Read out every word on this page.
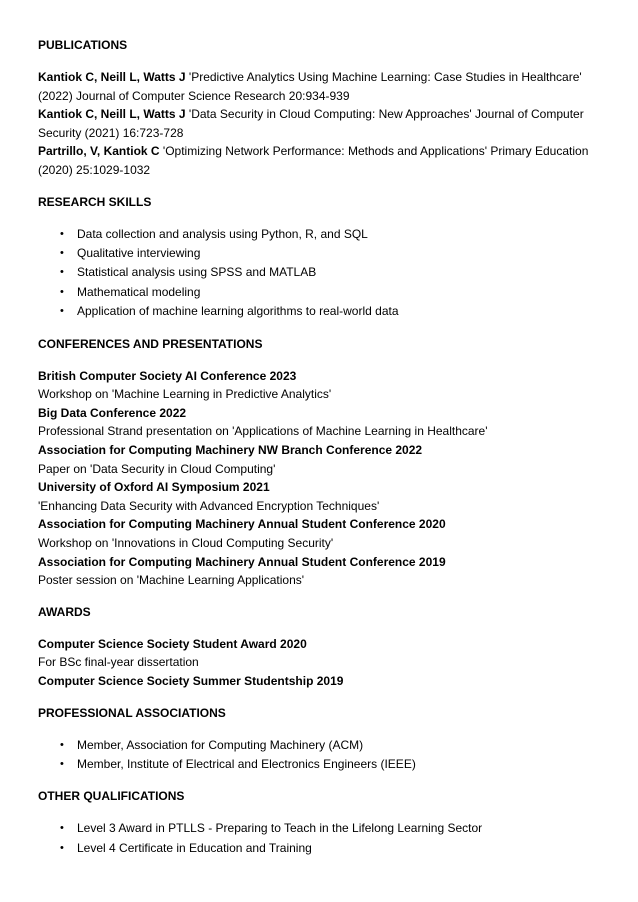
PUBLICATIONS

Kantiok C, Neill L, Watts J 'Predictive Analytics Using Machine Learning: Case Studies in Healthcare' (2022) Journal of Computer Science Research 20:934-939

Kantiok C, Neill L, Watts J 'Data Security in Cloud Computing: New Approaches' Journal of Computer Security (2021) 16:723-728

Partrillo, V, Kantiok C 'Optimizing Network Performance: Methods and Applications' Primary Education (2020) 25:1029-1032

RESEARCH SKILLS
• Data collection and analysis using Python, R, and SQL
• Qualitative interviewing
• Statistical analysis using SPSS and MATLAB
• Mathematical modeling
• Application of machine learning algorithms to real-world data
CONFERENCES AND PRESENTATIONS
British Computer Society AI Conference 2023
Workshop on 'Machine Learning in Predictive Analytics'
Big Data Conference 2022
Professional Strand presentation on 'Applications of Machine Learning in Healthcare'
Association for Computing Machinery NW Branch Conference 2022
Paper on 'Data Security in Cloud Computing'
University of Oxford AI Symposium 2021
'Enhancing Data Security with Advanced Encryption Techniques'
Association for Computing Machinery Annual Student Conference 2020
Workshop on 'Innovations in Cloud Computing Security'
Association for Computing Machinery Annual Student Conference 2019
Poster session on 'Machine Learning Applications'
AWARDS
Computer Science Society Student Award 2020
For BSc final-year dissertation
Computer Science Society Summer Studentship 2019
PROFESSIONAL ASSOCIATIONS
• Member, Association for Computing Machinery (ACM)
• Member, Institute of Electrical and Electronics Engineers (IEEE)
OTHER QUALIFICATIONS
• Level 3 Award in PTLLS - Preparing to Teach in the Lifelong Learning Sector
• Level 4 Certificate in Education and Training
